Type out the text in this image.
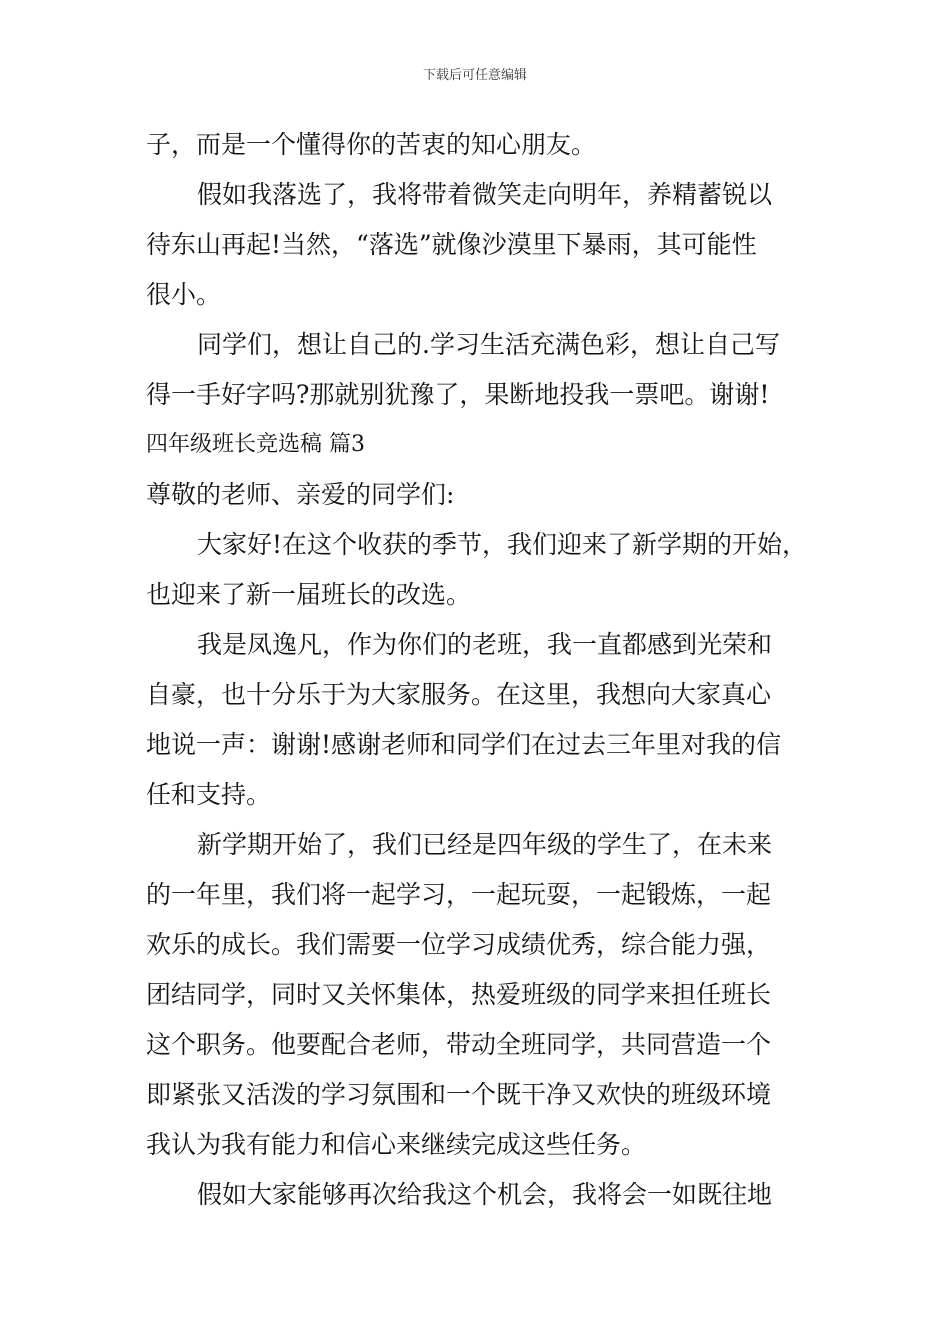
下载后可任意编辑
子，而是一个懂得你的苦衷的知心朋友。
假如我落选了，我将带着微笑走向明年，养精蓄锐以
待东山再起!当然，“落选”就像沙漠里下暴雨，其可能性
很小。
同学们，想让自己的.学习生活充满色彩，想让自己写
得一手好字吗?那就别犹豫了，果断地投我一票吧。谢谢!
四年级班长竞选稿 篇3
尊敬的老师、亲爱的同学们:
大家好!在这个收获的季节，我们迎来了新学期的开始，
也迎来了新一届班长的改选。
我是凤逸凡，作为你们的老班，我一直都感到光荣和
自豪，也十分乐于为大家服务。在这里，我想向大家真心
地说一声：谢谢!感谢老师和同学们在过去三年里对我的信
任和支持。
新学期开始了，我们已经是四年级的学生了，在未来
的一年里，我们将一起学习，一起玩耍，一起锻炼，一起
欢乐的成长。我们需要一位学习成绩优秀，综合能力强，
团结同学，同时又关怀集体，热爱班级的同学来担任班长
这个职务。他要配合老师，带动全班同学，共同营造一个
即紧张又活泼的学习氛围和一个既干净又欢快的班级环境
我认为我有能力和信心来继续完成这些任务。
假如大家能够再次给我这个机会，我将会一如既往地
